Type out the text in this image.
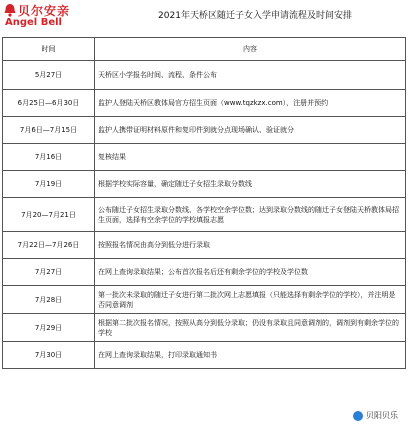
贝尔安亲
Angel Bell
2021年天桥区随迁子女入学申请流程及时间安排
时间	内容
5月27日	天桥区小学报名时间、流程、条件公布
6月25日—6月30日	监护人登陆天桥区教体局官方招生页面（www.tqzkzx.com），注册并预约
7月6日—7月15日	监护人携带证明材料原件和复印件到就分点现场确认、验证就分
7月16日	复核结果
7月19日	根据学校实际容量，确定随迁子女招生录取分数线
7月20—7月21日	公布随迁子女招生录取分数线、各学校空余学位数；达到录取分数线的随迁子女登陆天桥教体局招生页面，选择有空余学位的学校填报志愿
7月22日—7月26日	按照报名情况由高分到低分进行录取
7月27日	在网上查询录取结果；公布首次报名后还有剩余学位的学校及学位数
7月28日	第一批次未录取的随迁子女进行第二批次网上志愿填报（只能选择有剩余学位的学校），并注明是否同意调剂
7月29日	根据第二批次报名情况，按照从高分到低分录取；仍没有录取且同意调剂的，调剂到有剩余学位的学校
7月30日	在网上查询录取结果，打印录取通知书
贝阳贝乐
